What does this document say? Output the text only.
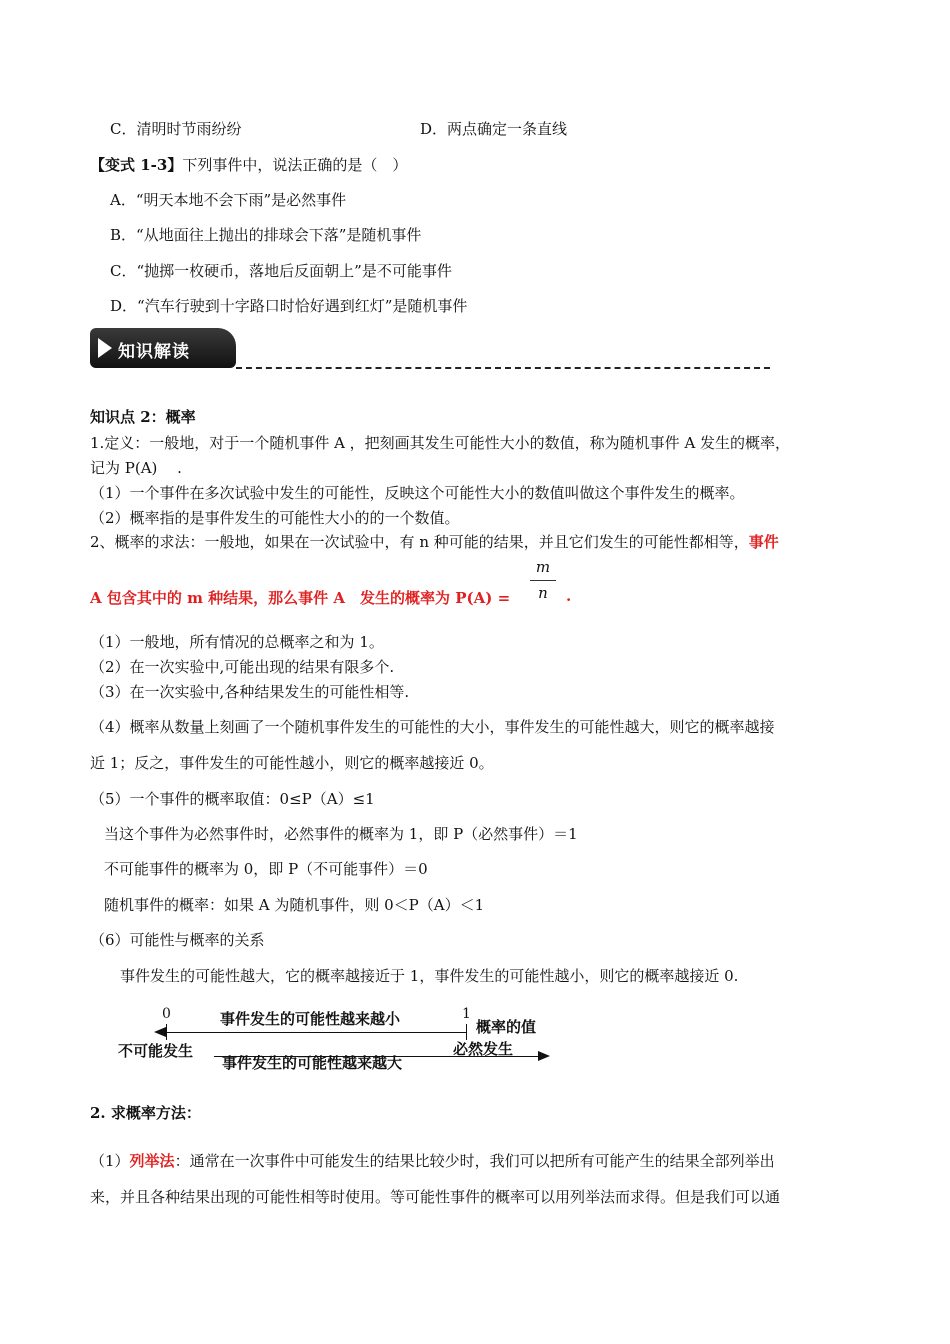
C．清明时节雨纷纷	D．两点确定一条直线
【变式 1-3】下列事件中，说法正确的是（　）
A．“明天本地不会下雨”是必然事件
B．“从地面往上抛出的排球会下落”是随机事件
C．“抛掷一枚硬币，落地后反面朝上”是不可能事件
D．“汽车行驶到十字路口时恰好遇到红灯”是随机事件
知识解读
知识点 2：概率
1.定义：一般地，对于一个随机事件 A ，把刻画其发生可能性大小的数值，称为随机事件 A 发生的概率，
记为 P(A)　 .
（1）一个事件在多次试验中发生的可能性，反映这个可能性大小的数值叫做这个事件发生的概率。
（2）概率指的是事件发生的可能性大小的的一个数值。
2、概率的求法：一般地，如果在一次试验中，有 n 种可能的结果，并且它们发生的可能性都相等，事件
A 包含其中的 m 种结果，那么事件 A　发生的概率为 P(A) =
m
n	.
（1）一般地，所有情况的总概率之和为 1。
（2）在一次实验中,可能出现的结果有限多个.
（3）在一次实验中,各种结果发生的可能性相等.
（4）概率从数量上刻画了一个随机事件发生的可能性的大小，事件发生的可能性越大，则它的概率越接
近 1；反之，事件发生的可能性越小，则它的概率越接近 0。
（5）一个事件的概率取值：0≤P（A）≤1
当这个事件为必然事件时，必然事件的概率为 1，即 P（必然事件）＝1
不可能事件的概率为 0，即 P（不可能事件）＝0
随机事件的概率：如果 A 为随机事件，则 0＜P（A）＜1
（6）可能性与概率的关系
事件发生的可能性越大，它的概率越接近于 1，事件发生的可能性越小，则它的概率越接近 0.
0	1
事件发生的可能性越来越小	概率的值
不可能发生
事件发生的可能性越来越大
必然发生
2. 求概率方法：
（1）列举法：通常在一次事件中可能发生的结果比较少时，我们可以把所有可能产生的结果全部列举出
来，并且各种结果出现的可能性相等时使用。等可能性事件的概率可以用列举法而求得。但是我们可以通
